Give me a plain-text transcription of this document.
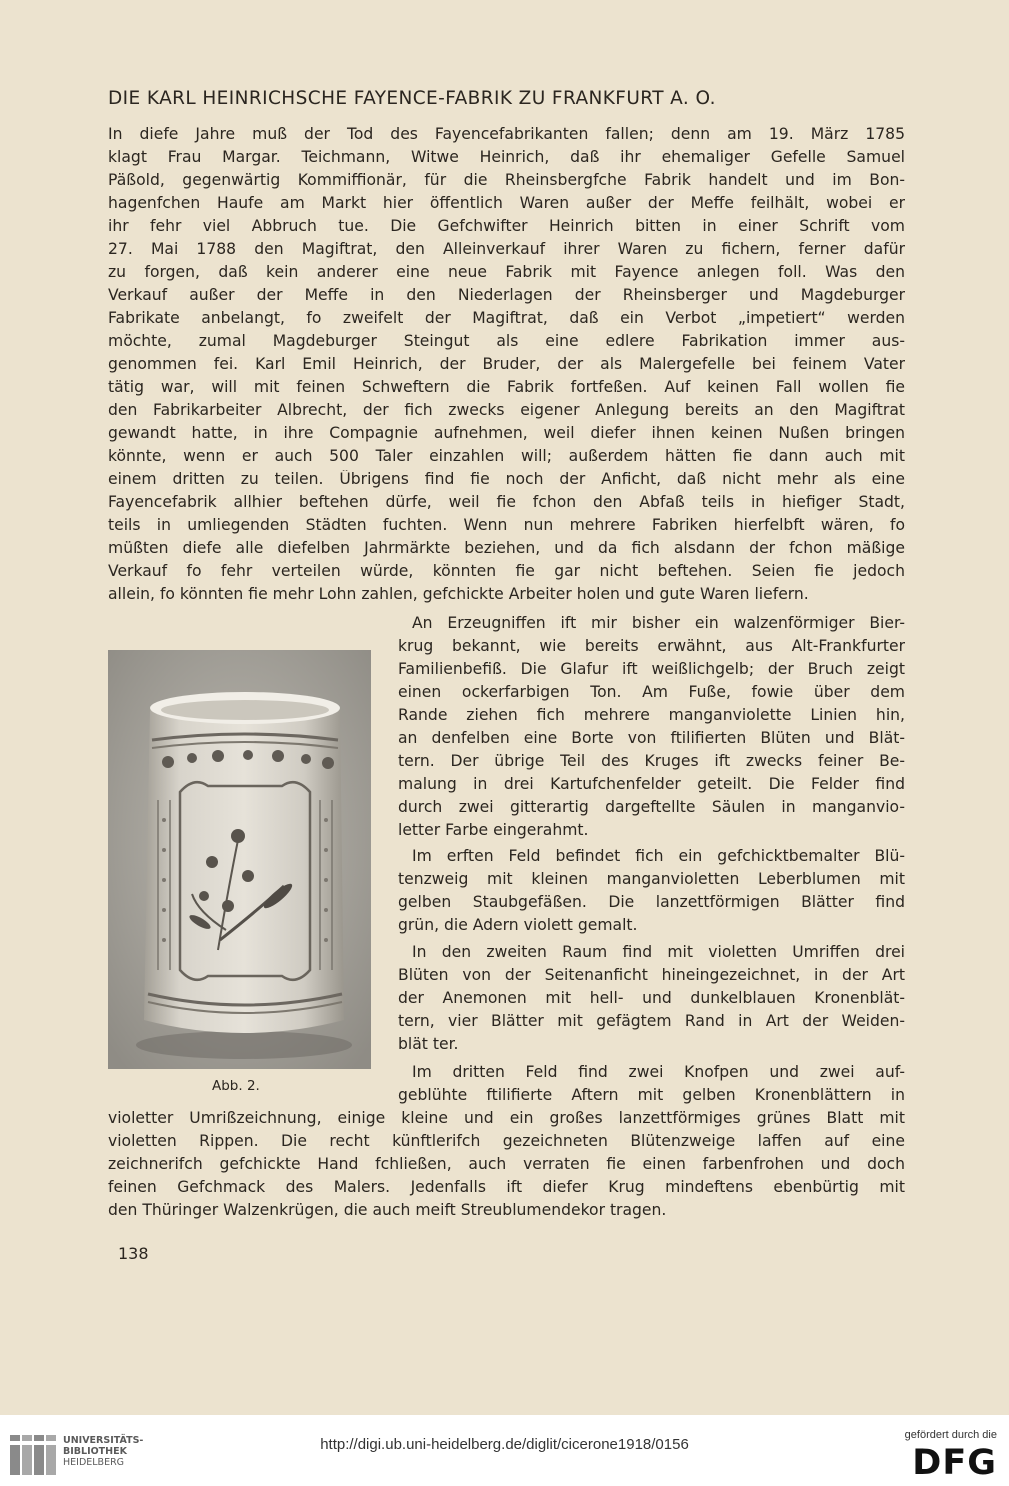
DIE KARL HEINRICHSCHE FAYENCE-FABRIK ZU FRANKFURT A. O.
In diefe Jahre muß der Tod des Fayencefabrikanten fallen; denn am 19. März 1785
klagt Frau Margar. Teichmann, Witwe Heinrich, daß ihr ehemaliger Gefelle Samuel
Päßold, gegenwärtig Kommiffionär, für die Rheinsbergfche Fabrik handelt und im Bon-
hagenfchen Haufe am Markt hier öffentlich Waren außer der Meffe feilhält, wobei er
ihr fehr viel Abbruch tue. Die Gefchwifter Heinrich bitten in einer Schrift vom
27. Mai 1788 den Magiftrat, den Alleinverkauf ihrer Waren zu fichern, ferner dafür
zu forgen, daß kein anderer eine neue Fabrik mit Fayence anlegen foll. Was den
Verkauf außer der Meffe in den Niederlagen der Rheinsberger und Magdeburger
Fabrikate anbelangt, fo zweifelt der Magiftrat, daß ein Verbot „impetiert“ werden
möchte, zumal Magdeburger Steingut als eine edlere Fabrikation immer aus-
genommen fei. Karl Emil Heinrich, der Bruder, der als Malergefelle bei feinem Vater
tätig war, will mit feinen Schweftern die Fabrik fortfeßen. Auf keinen Fall wollen fie
den Fabrikarbeiter Albrecht, der fich zwecks eigener Anlegung bereits an den Magiftrat
gewandt hatte, in ihre Compagnie aufnehmen, weil diefer ihnen keinen Nußen bringen
könnte, wenn er auch 500 Taler einzahlen will; außerdem hätten fie dann auch mit
einem dritten zu teilen. Übrigens find fie noch der Anficht, daß nicht mehr als eine
Fayencefabrik allhier beftehen dürfe, weil fie fchon den Abfaß teils in hiefiger Stadt,
teils in umliegenden Städten fuchten. Wenn nun mehrere Fabriken hierfelbft wären, fo
müßten diefe alle diefelben Jahrmärkte beziehen, und da fich alsdann der fchon mäßige
Verkauf fo fehr verteilen würde, könnten fie gar nicht beftehen. Seien fie jedoch
allein, fo könnten fie mehr Lohn zahlen, gefchickte Arbeiter holen und gute Waren liefern.
An Erzeugniffen ift mir bisher ein walzenförmiger Bier-
krug bekannt, wie bereits erwähnt, aus Alt-Frankfurter
Familienbefiß. Die Glafur ift weißlichgelb; der Bruch zeigt
einen ockerfarbigen Ton. Am Fuße, fowie über dem
Rande ziehen fich mehrere manganviolette Linien hin,
an denfelben eine Borte von ftilifierten Blüten und Blät-
tern. Der übrige Teil des Kruges ift zwecks feiner Be-
malung in drei Kartufchenfelder geteilt. Die Felder find
durch zwei gitterartig dargeftellte Säulen in manganvio-
letter Farbe eingerahmt.
Im erften Feld befindet fich ein gefchicktbemalter Blü-
tenzweig mit kleinen manganvioletten Leberblumen mit
gelben Staubgefäßen. Die lanzettförmigen Blätter find
grün, die Adern violett gemalt.
In den zweiten Raum find mit violetten Umriffen drei
Blüten von der Seitenanficht hineingezeichnet, in der Art
der Anemonen mit hell- und dunkelblauen Kronenblät-
tern, vier Blätter mit gefägtem Rand in Art der Weiden-
blät ter.
Im dritten Feld find zwei Knofpen und zwei auf-
geblühte ftilifierte Aftern mit gelben Kronenblättern in
violetter Umrißzeichnung, einige kleine und ein großes lanzettförmiges grünes Blatt mit
violetten Rippen. Die recht künftlerifch gezeichneten Blütenzweige laffen auf eine
zeichnerifch gefchickte Hand fchließen, auch verraten fie einen farbenfrohen und doch
feinen Gefchmack des Malers. Jedenfalls ift diefer Krug mindeftens ebenbürtig mit
den Thüringer Walzenkrügen, die auch meift Streublumendekor tragen.
Abb. 2.
138
UNIVERSITÄTS-
BIBLIOTHEK
HEIDELBERG
http://digi.ub.uni-heidelberg.de/diglit/cicerone1918/0156
gefördert durch die
DFG
